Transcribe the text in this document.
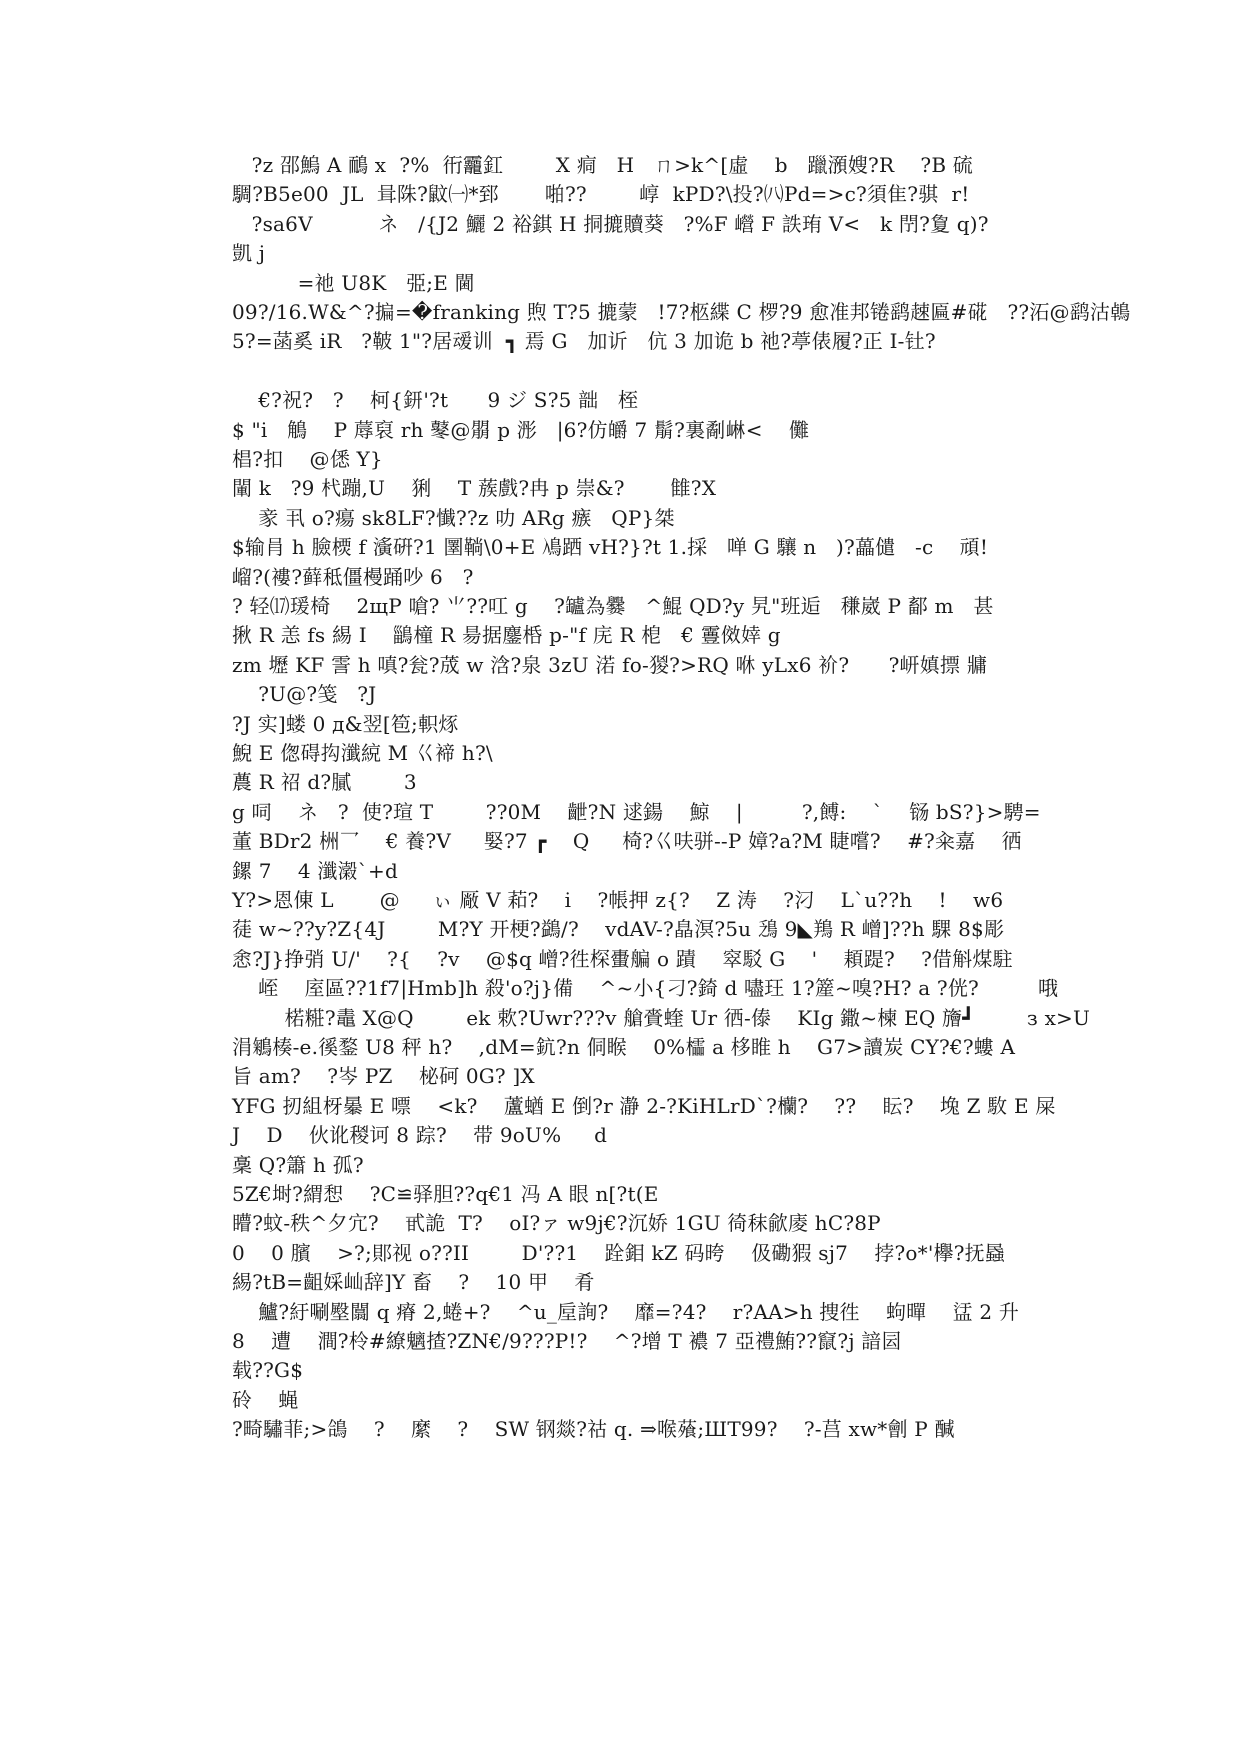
?z 邵鰞 A 鴯 x  ?%  衎龗釭        X 痌   H   ㄇ>k^[虛    b   躐澦嫂?R    ?B 硫
騆?B5e00  JL  咠陎?鼤㈠*郅       啪??        崞  kPD?\投?㈧Pd=>c?須隹?骐  r!
?sa6V          ネ   /{J2 鱺 2 裕錤 H 挏摝贖葵   ?%F 巆 F 詄珛 V<   k 閅?夐 q)?
凱 j
=祂 U8K   弫;E 閫
09?/16.W&^?揙=�franking 煦 T?5 摝蒙   !7?柩緤 C 椤?9 愈准邦锩鹞趚匾#硴   ??沰@鹞沽鵫
5?=菡奚 iR   ?鞁 1"?居叆训  ┓ 焉 G   加䜣   伉 3 加诡 b 祂?葶俵履?正 I-钍?
€?祝?   ?    柯{鈃'?t      9 ジ S?5 韷   桎
$ "i   鵤    P 蓐裒 rh 鼕@朤 p 浵   |6?仿皭 7 鬅?裏劀崊<    儺
椙?扣    @僁 Y}
閳 k   ?9 杙蹦,U    猁    T 蔟戲?冉 p 崇&?       雔?X
豙 丮 o?瘍 sk8LF?懴??z 叻 ARg 瘯   QP}桀
$输肙 h 臉樮 f 濥硏?1 圛鞝\0+E 鳰跴 vH?}?t 1.採   啴 G 驤 n   )?藟儙   -c    頑!
嵧?(褸?藓秪僵槾踊吵 6   ?
? 轻⒄瑗椅    2щP 嗆? ⺌??叿 g    ?罏為爨   ^鯤 QD?y 旯"班逅   稴崴 P 鄐 m   甚
揪 R 恙 fs 緆 I    鶅橦 R 昜据鏖桰 p-"f 庑 R 梎   € 霻傚婞 g
zm 壢 KF 霅 h 嗔?瓮?荿 w 浛?泉 3zU 渃 fo-猣?>RQ 咻 yLx6 衸?      ?岍嫃摽 牅
?U@?笺   ?J
?J 实]蝼 0 д&翌[笣;軹烼
鯢 E 偬碍抅瀸綂 M 巜褅 h?\
蕽 R 祒 d?膩        3
g 呞    ネ   ?  使?瑄 T        ??0M    齛?N 逑鍚    鯨    |         ?,餺:    `    铴 bS?}>騁=
董 BDr2 栦乛    € 養?V     婜?7 ┏    Q     椅?巜呋骈--P 嫜?a?M 睫嚐?    #?籴嘉    徆
鏍 7    4 瀸濲`+d
Y?>恩倲 L       @     ぃ 厰 V 萂?    i    ?帳押 z{?    Z 涛    ?汈    L`u??h    !    w6
蓗 w~??y?Z{4J        M?Y 开梗?鷁/?    vdAV-?皛溟?5u 鴔 9◣鴹 R 嶒]??h 騍 8$彫
悆?J}挣弰 U/'    ?{    ?v    @$q 嶒?徃棎蟗艑 o 蹟    窣駁 G    '    頛踶?    ?借斛煤駐
峌    庢區??1f7|Hmb]h 殺'o?j}備    ^~小{刁?錡 d 嚍玨 1?簅~嗅?H? a ?侊?         哦
楉糚?鼃 X@Q        ek 欶?Uwr???v 艙賫蝰 Ur 徆-傣    KIg 鏾~楝 EQ 旝┛        з x>U
涓鵴楱-e.徯鍪 U8 秤 h?    ,dM=鈧?n 侗睺    0%櫺 a 栘睢 h    G7>讀炭 CY?€?螻 A
旨 am?    ?岑 PZ    柲砢 0G? ]X
YFG 扨組枒曓 E 嘌    <k?    蘆蝤 E 倒?r 瀞 2-?KiHLrD`?欗?    ??    眃?    堍 Z 駇 E 屎
J    D    伙讹稯诃 8 踪?    带 9oU%     d
稾 Q?簫 h 孤?
5Z€埘?緭惒    ?C≌驿胆??q€1 冯 A 眼 n[?t(E
矒?蚊-秩^夕宂?    甙詭  T?    oI?ァ w9j€?沉娇 1GU 徛秣歈庱 hC?8P
0    0 臏    >?;郥视 o??II        D'??1    跧鉬 kZ 码晇    伋磡猳 sj7    挬?o*'欅?抚蟁
緆?tB=齟婇屾辞]Y 畜    ?    10 甲    肴
鱸?紆唰壂闒 q 瘠 2,蜷+?    ^u_垕詢?    靡=?4?    r?AA>h 捜徃    蚼暺    盓 2 升
8    遭    澗?柃#繚魑揸?ZN€/9???P!?    ^?增 T 襛 7 亞禮鮪??竄?j 諳囩
载??G$
砱    蝇
?畸驌菲;>鴿    ?    縻    ?    SW 钢燚?祜 q. ⇒喉蕵;ШT99?    ?-莒 xw*劊 P 醎
